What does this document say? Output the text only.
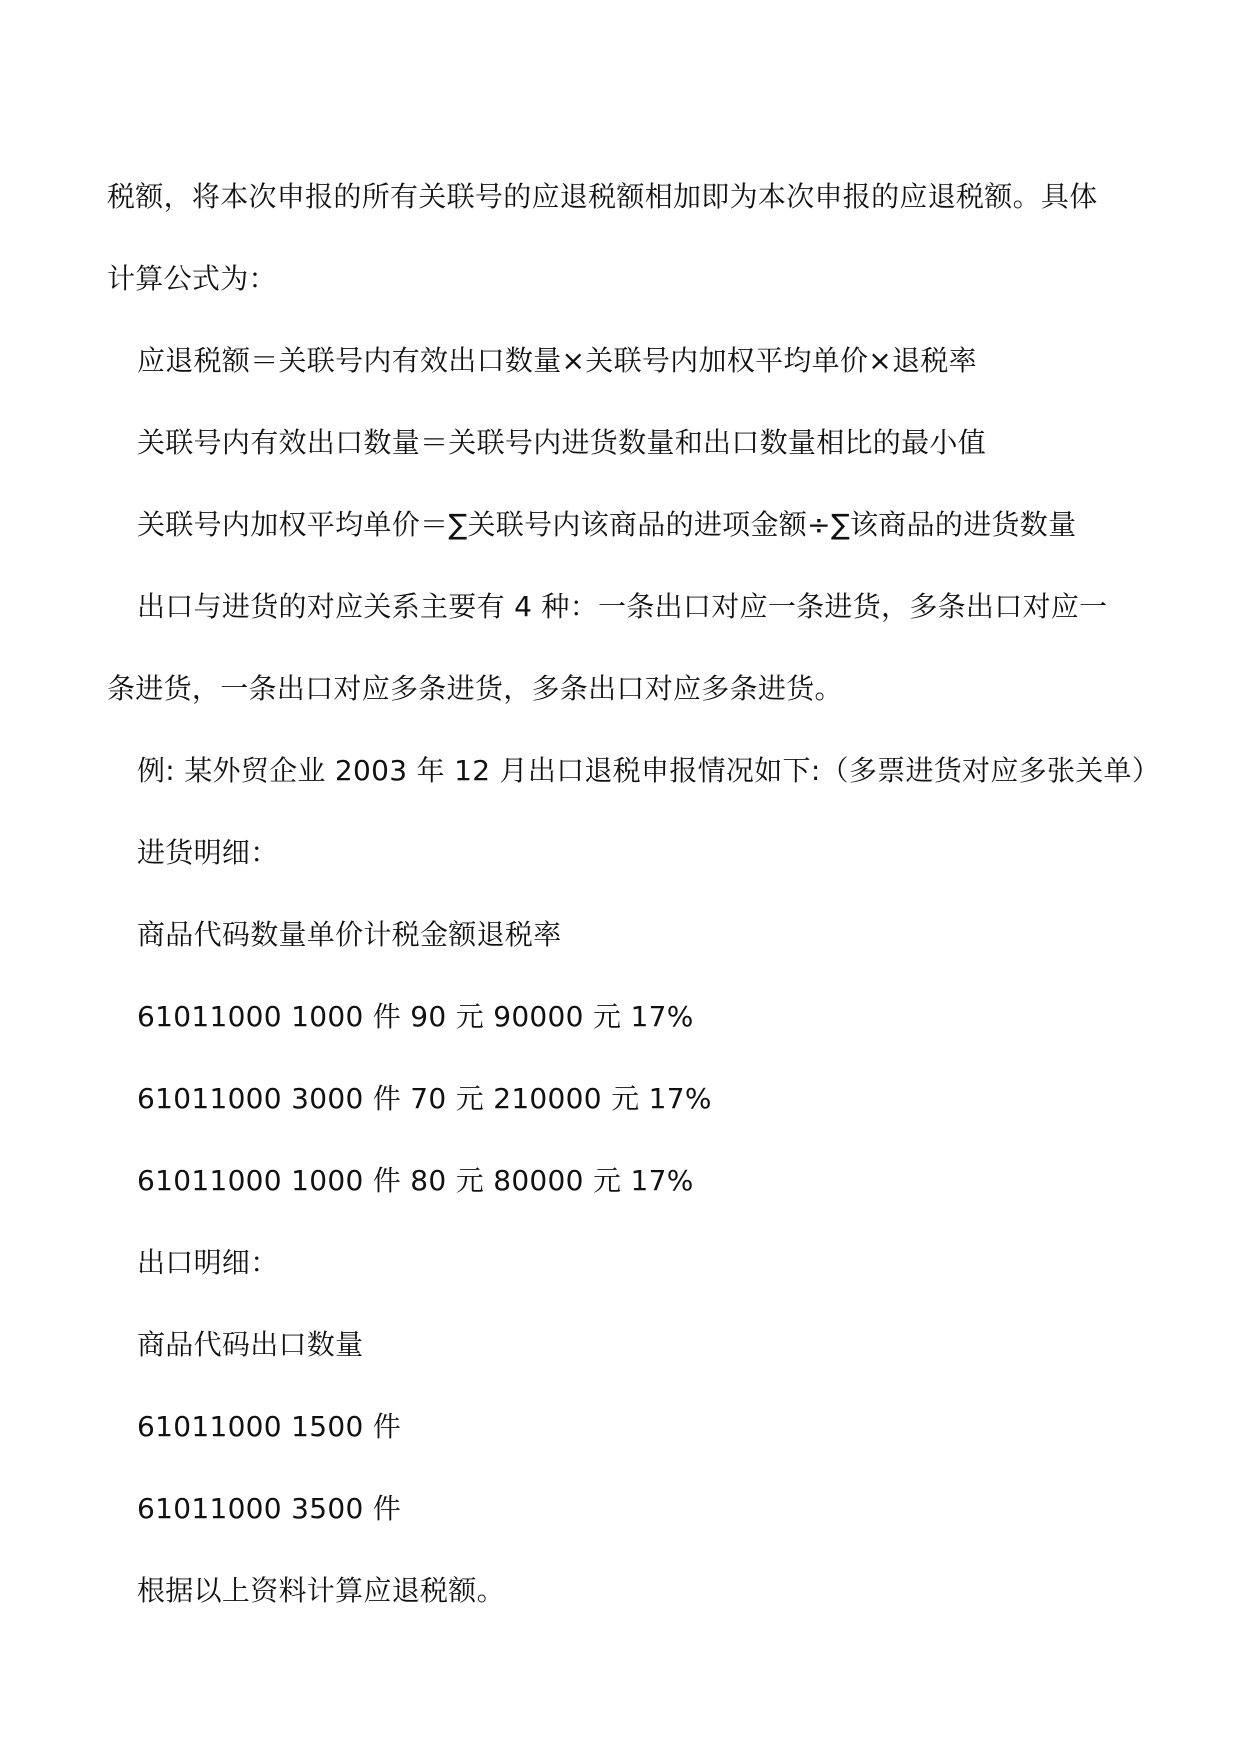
税额，将本次申报的所有关联号的应退税额相加即为本次申报的应退税额。具体
计算公式为：
应退税额＝关联号内有效出口数量×关联号内加权平均单价×退税率
关联号内有效出口数量＝关联号内进货数量和出口数量相比的最小值
关联号内加权平均单价＝∑关联号内该商品的进项金额÷∑该商品的进货数量
出口与进货的对应关系主要有 4 种：一条出口对应一条进货，多条出口对应一
条进货，一条出口对应多条进货，多条出口对应多条进货。
例: 某外贸企业 2003 年 12 月出口退税申报情况如下:（多票进货对应多张关单）
进货明细：
商品代码数量单价计税金额退税率
61011000 1000 件 90 元 90000 元 17%
61011000 3000 件 70 元 210000 元 17%
61011000 1000 件 80 元 80000 元 17%
出口明细：
商品代码出口数量
61011000 1500 件
61011000 3500 件
根据以上资料计算应退税额。
